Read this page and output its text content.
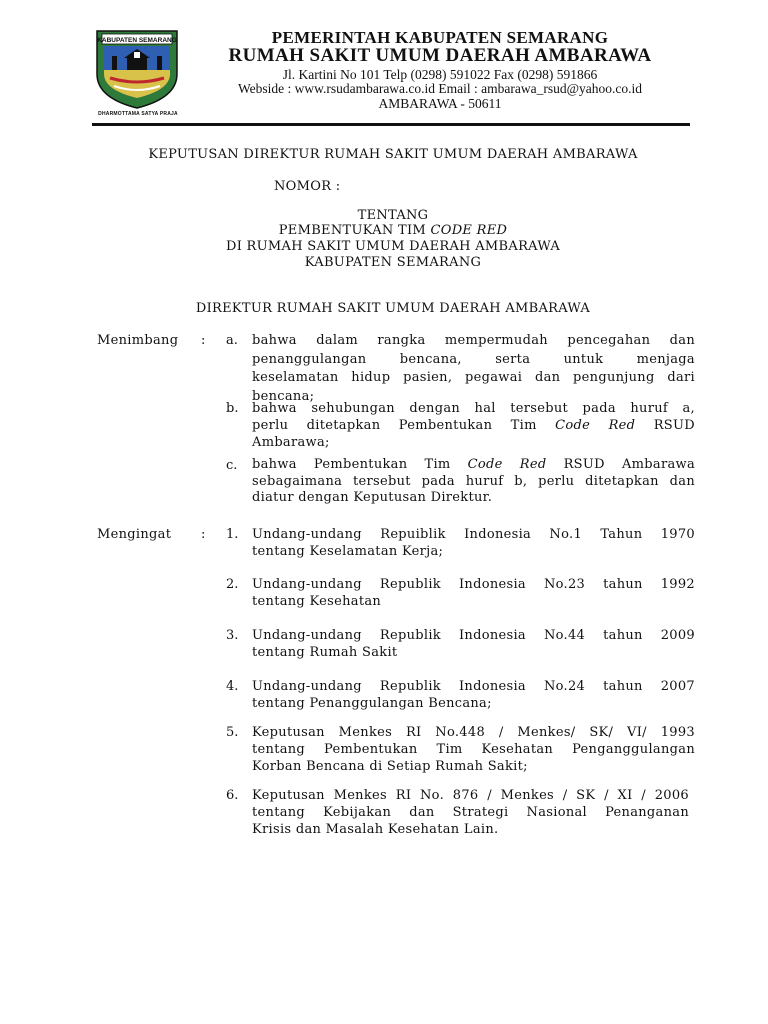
KABUPATEN SEMARANG
DHARMOTTAMA SATYA PRAJA
PEMERINTAH KABUPATEN SEMARANG
RUMAH SAKIT UMUM DAERAH AMBARAWA
Jl. Kartini No 101 Telp (0298) 591022 Fax (0298) 591866
Webside : www.rsudambarawa.co.id Email : ambarawa_rsud@yahoo.co.id
AMBARAWA - 50611
KEPUTUSAN DIREKTUR RUMAH SAKIT UMUM DAERAH AMBARAWA
NOMOR :
TENTANG
PEMBENTUKAN TIM CODE RED
DI RUMAH SAKIT UMUM DAERAH AMBARAWA
KABUPATEN SEMARANG
DIREKTUR RUMAH SAKIT UMUM DAERAH AMBARAWA
Menimbang : a. bahwa dalam rangka mempermudah pencegahan dan
penanggulangan bencana, serta untuk menjaga
keselamatan hidup pasien, pegawai dan pengunjung dari
bencana;
b. bahwa sehubungan dengan hal tersebut pada huruf a,
perlu ditetapkan Pembentukan Tim Code Red RSUD
Ambarawa;
c. bahwa Pembentukan Tim Code Red RSUD Ambarawa
sebagaimana tersebut pada huruf b, perlu ditetapkan dan
diatur dengan Keputusan Direktur.
Mengingat : 1. Undang-undang Repuiblik Indonesia No.1 Tahun 1970
tentang Keselamatan Kerja;
2. Undang-undang Republik Indonesia No.23 tahun 1992
tentang Kesehatan
3. Undang-undang Republik Indonesia No.44 tahun 2009
tentang Rumah Sakit
4. Undang-undang Republik Indonesia No.24 tahun 2007
tentang Penanggulangan Bencana;
5. Keputusan Menkes RI No.448 / Menkes/ SK/ VI/ 1993
tentang Pembentukan Tim Kesehatan Penganggulangan
Korban Bencana di Setiap Rumah Sakit;
6. Keputusan Menkes RI No. 876 / Menkes / SK / XI / 2006
tentang Kebijakan dan Strategi Nasional Penanganan
Krisis dan Masalah Kesehatan Lain.
